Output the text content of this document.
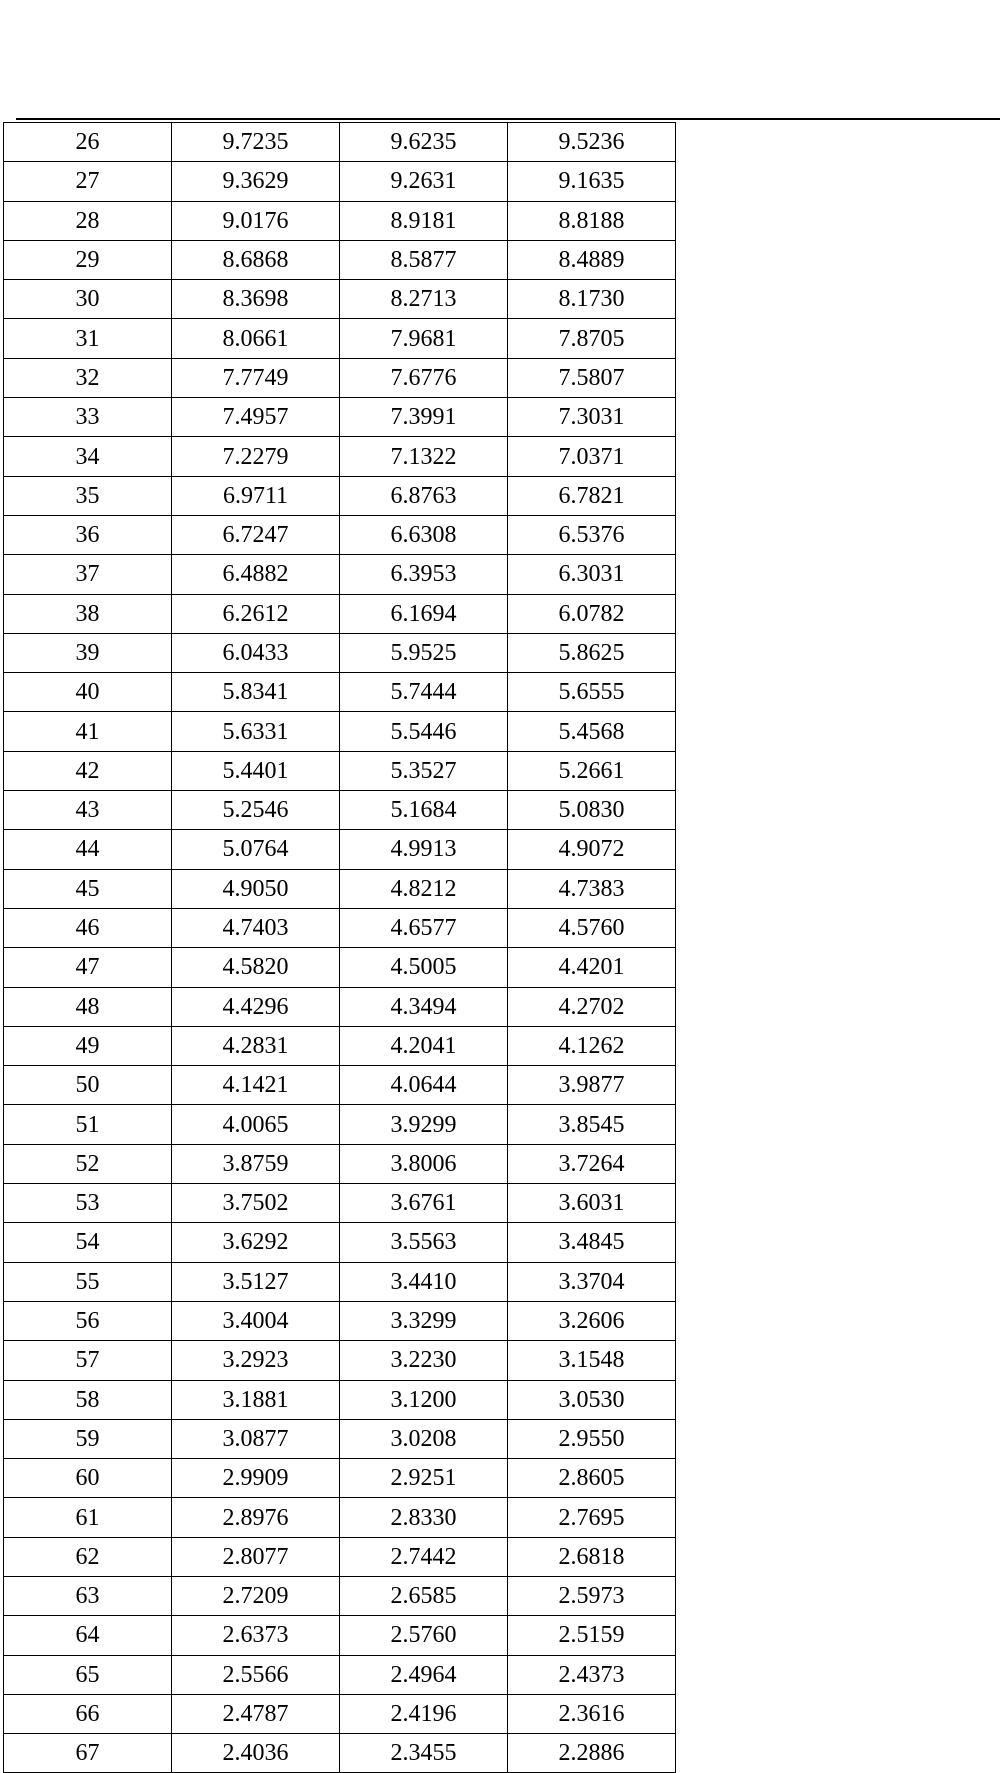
26	9.7235	9.6235	9.5236
27	9.3629	9.2631	9.1635
28	9.0176	8.9181	8.8188
29	8.6868	8.5877	8.4889
30	8.3698	8.2713	8.1730
31	8.0661	7.9681	7.8705
32	7.7749	7.6776	7.5807
33	7.4957	7.3991	7.3031
34	7.2279	7.1322	7.0371
35	6.9711	6.8763	6.7821
36	6.7247	6.6308	6.5376
37	6.4882	6.3953	6.3031
38	6.2612	6.1694	6.0782
39	6.0433	5.9525	5.8625
40	5.8341	5.7444	5.6555
41	5.6331	5.5446	5.4568
42	5.4401	5.3527	5.2661
43	5.2546	5.1684	5.0830
44	5.0764	4.9913	4.9072
45	4.9050	4.8212	4.7383
46	4.7403	4.6577	4.5760
47	4.5820	4.5005	4.4201
48	4.4296	4.3494	4.2702
49	4.2831	4.2041	4.1262
50	4.1421	4.0644	3.9877
51	4.0065	3.9299	3.8545
52	3.8759	3.8006	3.7264
53	3.7502	3.6761	3.6031
54	3.6292	3.5563	3.4845
55	3.5127	3.4410	3.3704
56	3.4004	3.3299	3.2606
57	3.2923	3.2230	3.1548
58	3.1881	3.1200	3.0530
59	3.0877	3.0208	2.9550
60	2.9909	2.9251	2.8605
61	2.8976	2.8330	2.7695
62	2.8077	2.7442	2.6818
63	2.7209	2.6585	2.5973
64	2.6373	2.5760	2.5159
65	2.5566	2.4964	2.4373
66	2.4787	2.4196	2.3616
67	2.4036	2.3455	2.2886
